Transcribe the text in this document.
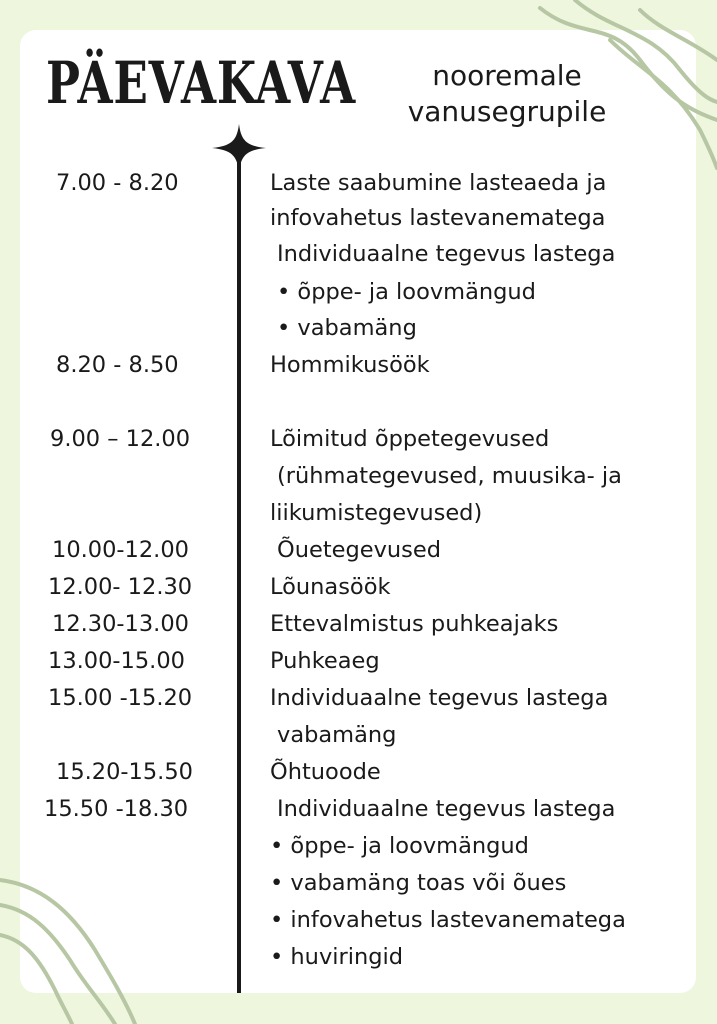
PÄEVAKAVA	nooremale
vanusegrupile
7.00 - 8.20	Laste saabumine lasteaeda ja
infovahetus lastevanematega
Individuaalne tegevus lastega
• õppe- ja loovmängud
• vabamäng
8.20 - 8.50	Hommikusöök
9.00 – 12.00	Lõimitud õppetegevused
(rühmategevused, muusika- ja
liikumistegevused)
10.00-12.00	Õuetegevused
12.00- 12.30	Lõunasöök
12.30-13.00	Ettevalmistus puhkeajaks
13.00-15.00	Puhkeaeg
15.00 -15.20	Individuaalne tegevus lastega
vabamäng
15.20-15.50	Õhtuoode
15.50 -18.30	Individuaalne tegevus lastega
• õppe- ja loovmängud
• vabamäng toas või õues
• infovahetus lastevanematega
• huviringid
